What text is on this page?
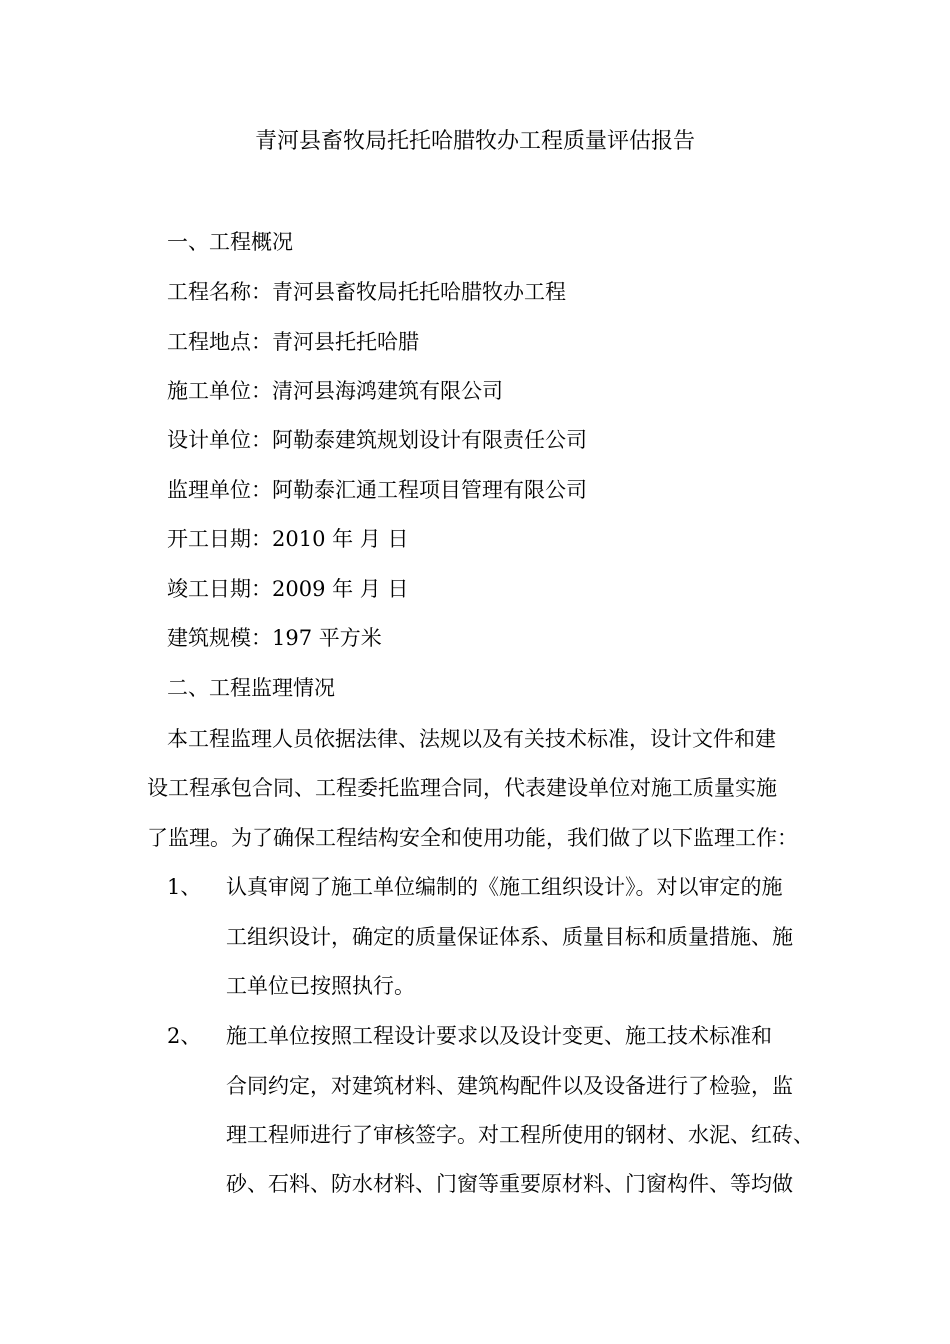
青河县畜牧局托托哈腊牧办工程质量评估报告
一、工程概况
工程名称：青河县畜牧局托托哈腊牧办工程
工程地点：青河县托托哈腊
施工单位：清河县海鸿建筑有限公司
设计单位：阿勒泰建筑规划设计有限责任公司
监理单位：阿勒泰汇通工程项目管理有限公司
开工日期：2010 年 月 日
竣工日期：2009 年 月 日
建筑规模：197 平方米
二、工程监理情况
本工程监理人员依据法律、法规以及有关技术标准，设计文件和建
设工程承包合同、工程委托监理合同，代表建设单位对施工质量实施
了监理。为了确保工程结构安全和使用功能，我们做了以下监理工作：
1、 认真审阅了施工单位编制的《施工组织设计》。对以审定的施
工组织设计，确定的质量保证体系、质量目标和质量措施、施
工单位已按照执行。
2、 施工单位按照工程设计要求以及设计变更、施工技术标准和
合同约定，对建筑材料、建筑构配件以及设备进行了检验，监
理工程师进行了审核签字。对工程所使用的钢材、水泥、红砖、
砂、石料、防水材料、门窗等重要原材料、门窗构件、等均做
